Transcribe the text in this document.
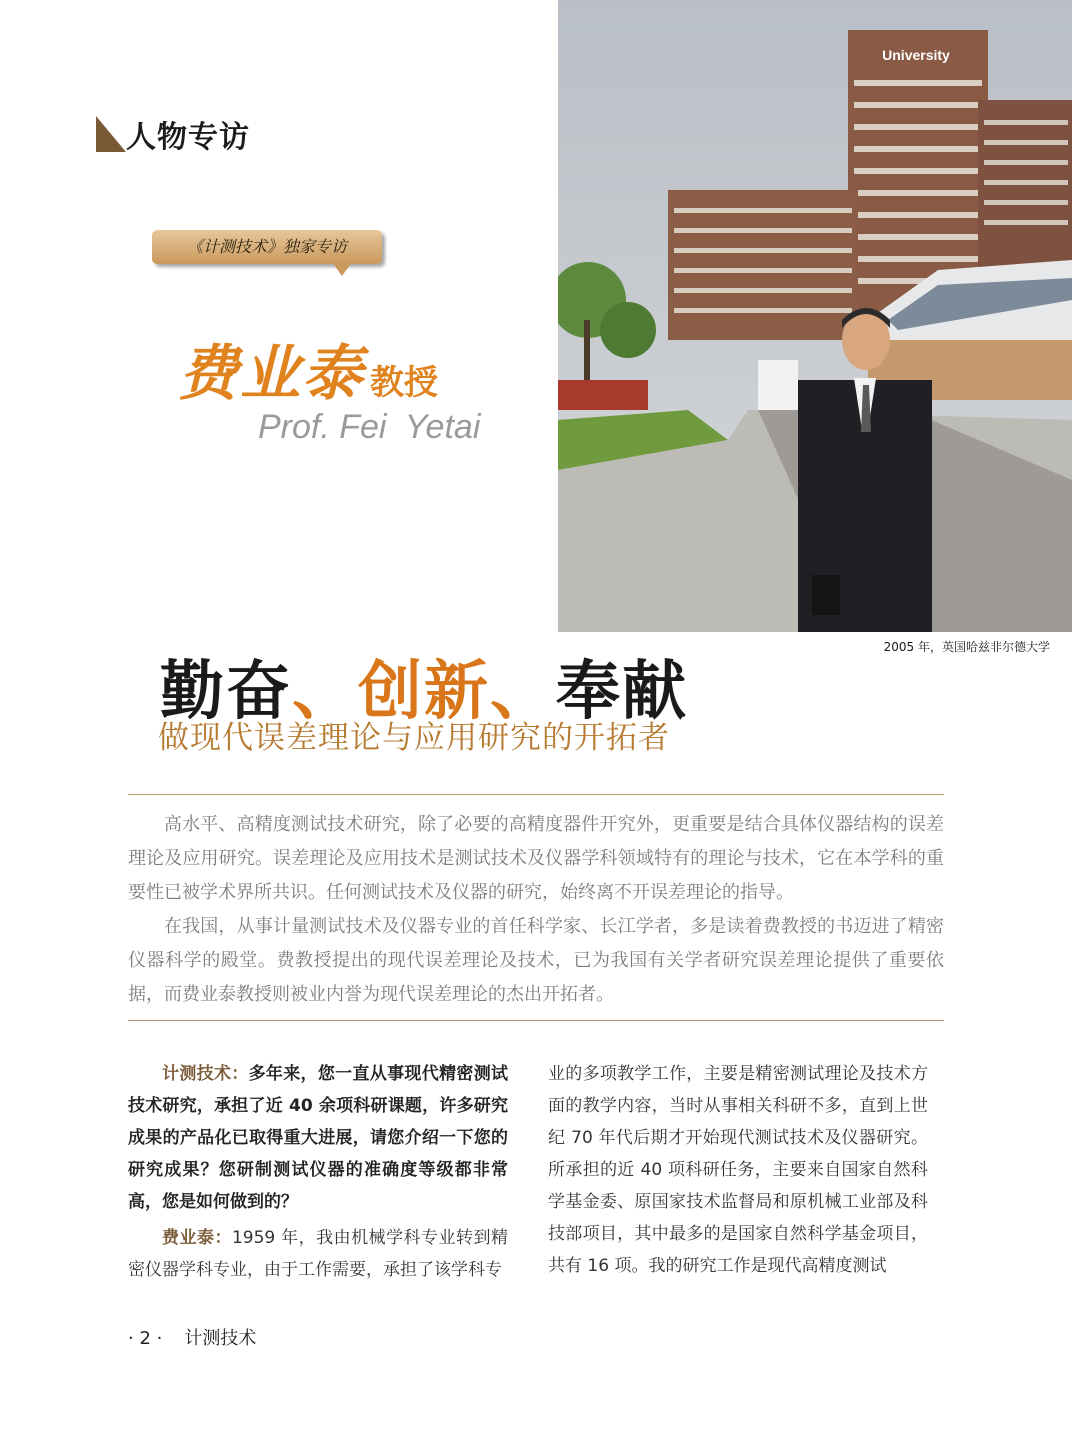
人物专访
《计测技术》独家专访
费业泰 教授
Prof. Fei  Yetai
University
2005 年，英国哈兹非尔德大学
勤奋、创新、奉献
做现代误差理论与应用研究的开拓者

高水平、高精度测试技术研究，除了必要的高精度器件开究外，更重要是结合具体仪器结构的误差理论及应用研究。误差理论及应用技术是测试技术及仪器学科领域特有的理论与技术，它在本学科的重要性已被学术界所共识。任何测试技术及仪器的研究，始终离不开误差理论的指导。

在我国，从事计量测试技术及仪器专业的首任科学家、长江学者，多是读着费教授的书迈进了精密仪器科学的殿堂。费教授提出的现代误差理论及技术，已为我国有关学者研究误差理论提供了重要依据，而费业泰教授则被业内誉为现代误差理论的杰出开拓者。

计测技术：多年来，您一直从事现代精密测试技术研究，承担了近 40 余项科研课题，许多研究成果的产品化已取得重大进展，请您介绍一下您的研究成果？您研制测试仪器的准确度等级都非常高，您是如何做到的？

费业泰：1959 年，我由机械学科专业转到精密仪器学科专业，由于工作需要，承担了该学科专

业的多项教学工作，主要是精密测试理论及技术方面的教学内容，当时从事相关科研不多，直到上世纪 70 年代后期才开始现代测试技术及仪器研究。所承担的近 40 项科研任务，主要来自国家自然科学基金委、原国家技术监督局和原机械工业部及科技部项目，其中最多的是国家自然科学基金项目，共有 16 项。我的研究工作是现代高精度测试

· 2 · 计测技术
